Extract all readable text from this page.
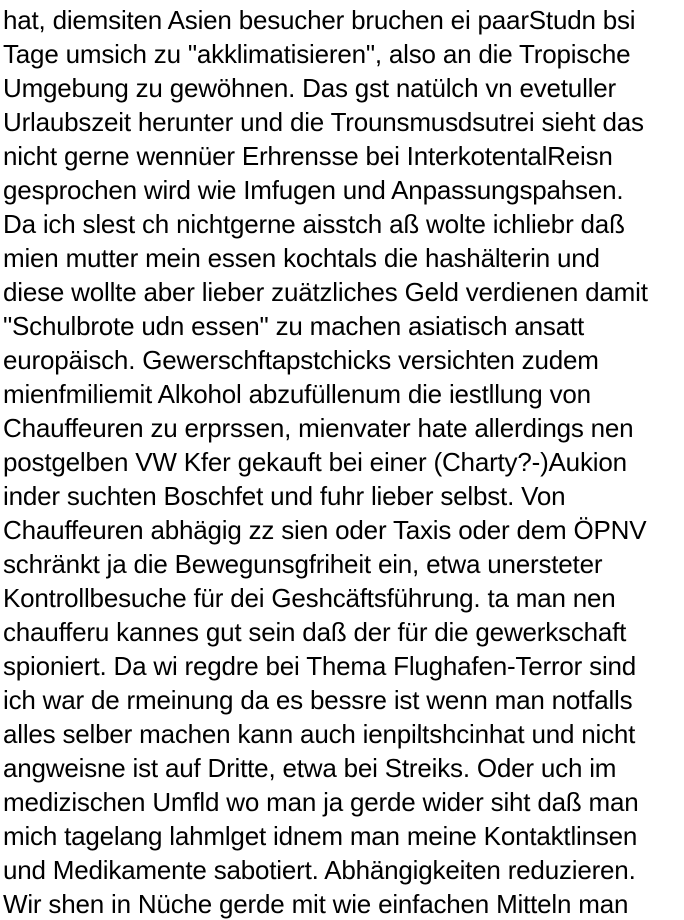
hat, diemsiten Asien besucher bruchen ei paarStudn bsi
Tage umsich zu "akklimatisieren", also an die Tropische
Umgebung zu gewöhnen. Das gst natülch vn evetuller
Urlaubszeit herunter und die Trounsmusdsutrei sieht das
nicht gerne wennüer Erhrensse bei InterkotentalReisn
gesprochen wird wie Imfugen und Anpassungspahsen.
Da ich slest ch nichtgerne aisstch aß wolte ichliebr daß
mien mutter mein essen kochtals die hashälterin und
diese wollte aber lieber zuätzliches Geld verdienen damit
"Schulbrote udn essen" zu machen asiatisch ansatt
europäisch. Gewerschftapstchicks versichten zudem
mienfmiliemit Alkohol abzufüllenum die iestllung von
Chauffeuren zu erprssen, mienvater hate allerdings nen
postgelben VW Kfer gekauft bei einer (Charty?-)Aukion
inder suchten Boschfet und fuhr lieber selbst. Von
Chauffeuren abhägig zz sien oder Taxis oder dem ÖPNV
schränkt ja die Bewegunsgfriheit ein, etwa unersteter
Kontrollbesuche für dei Geshcäftsführung. ta man nen
chaufferu kannes gut sein daß der für die gewerkschaft
spioniert. Da wi regdre bei Thema Flughafen-Terror sind
ich war de rmeinung da es bessre ist wenn man notfalls
alles selber machen kann auch ienpiltshcinhat und nicht
angweisne ist auf Dritte, etwa bei Streiks. Oder uch im
medizischen Umfld wo man ja gerde wider siht daß man
mich tagelang lahmlget idnem man meine Kontaktlinsen
und Medikamente sabotiert. Abhängigkeiten reduzieren.
Wir shen in Nüche gerde mit wie einfachen Mitteln man
